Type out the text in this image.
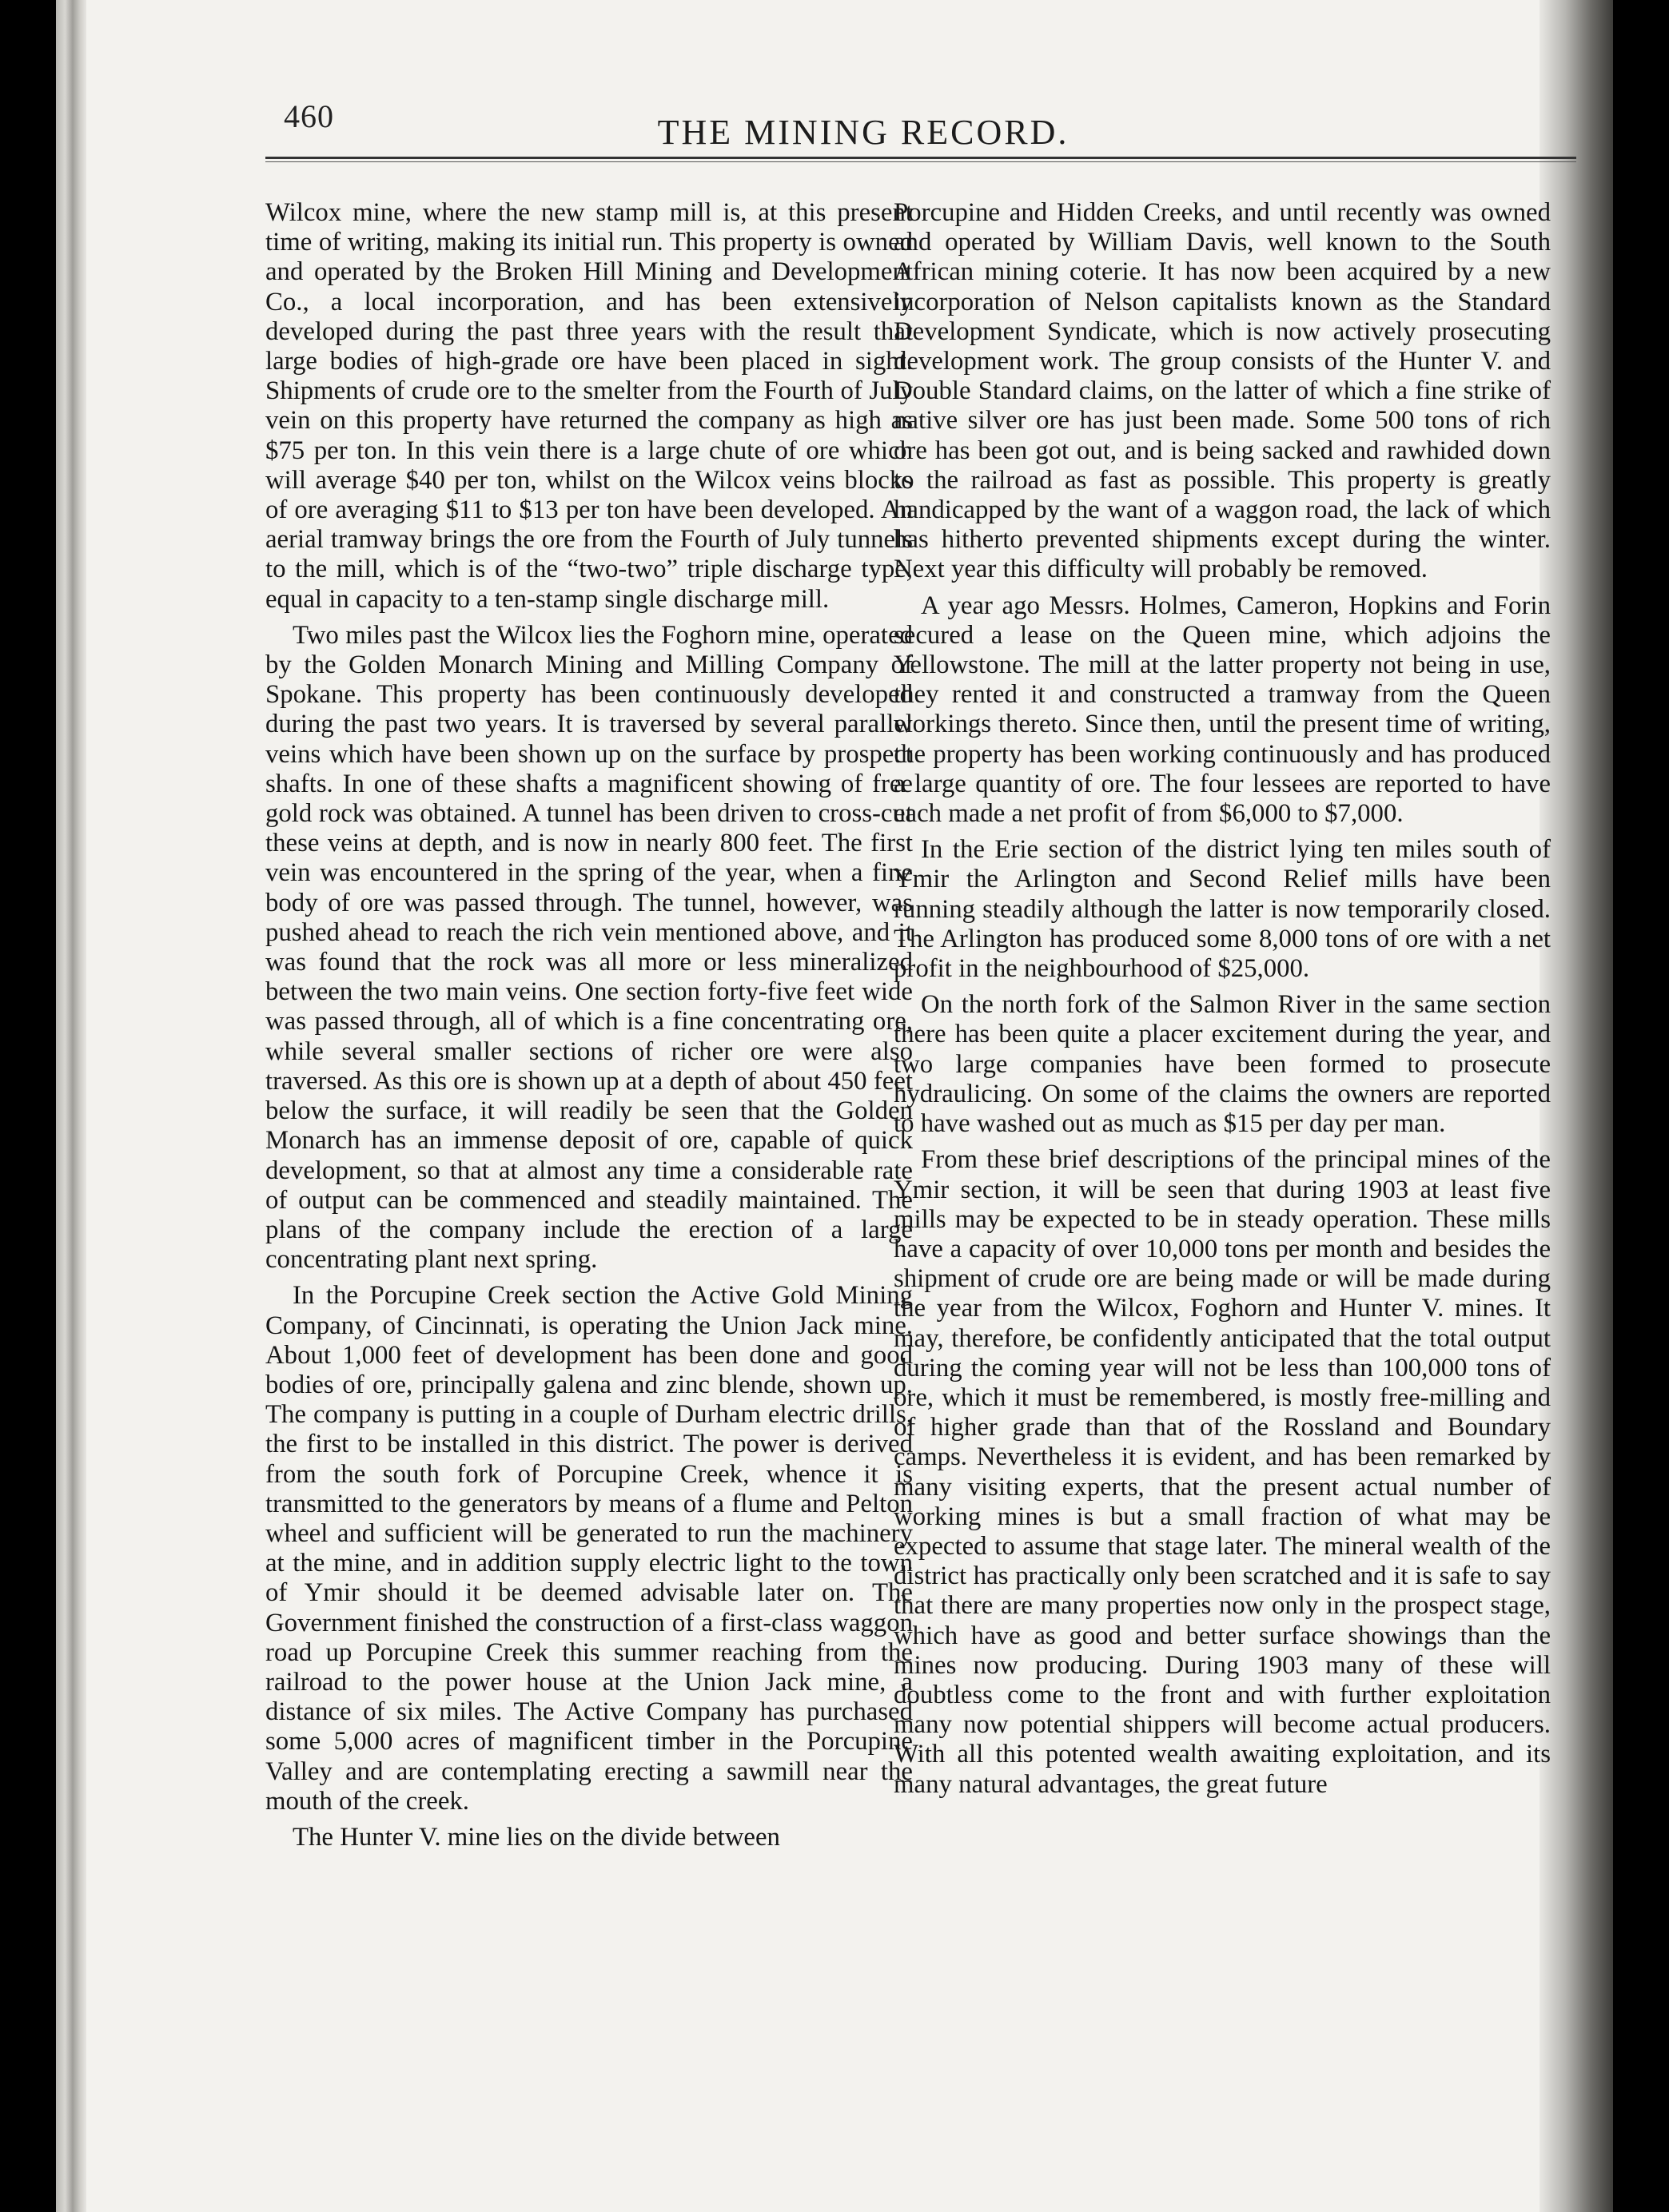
460	THE MINING RECORD.

Wilcox mine, where the new stamp mill is, at this present time of writing, making its initial run. This property is owned and operated by the Broken Hill Mining and Development Co., a local incorporation, and has been extensively developed during the past three years with the result that large bodies of high-grade ore have been placed in sight. Shipments of crude ore to the smelter from the Fourth of July vein on this property have returned the company as high as $75 per ton. In this vein there is a large chute of ore which will average $40 per ton, whilst on the Wilcox veins blocks of ore averaging $11 to $13 per ton have been developed. An aerial tramway brings the ore from the Fourth of July tunnels to the mill, which is of the “two-two” triple discharge type, equal in capacity to a ten-stamp single discharge mill.

Two miles past the Wilcox lies the Foghorn mine, operated by the Golden Monarch Mining and Milling Company of Spokane. This property has been continuously developed during the past two years. It is traversed by several parallel veins which have been shown up on the surface by prospect shafts. In one of these shafts a magnificent showing of free gold rock was obtained. A tunnel has been driven to cross-cut these veins at depth, and is now in nearly 800 feet. The first vein was encountered in the spring of the year, when a fine body of ore was passed through. The tunnel, however, was pushed ahead to reach the rich vein mentioned above, and it was found that the rock was all more or less mineralized between the two main veins. One section forty-five feet wide was passed through, all of which is a fine concentrating ore, while several smaller sections of richer ore were also traversed. As this ore is shown up at a depth of about 450 feet below the surface, it will readily be seen that the Golden Monarch has an immense deposit of ore, capable of quick development, so that at almost any time a considerable rate of output can be commenced and steadily maintained. The plans of the company include the erection of a large concentrating plant next spring.

In the Porcupine Creek section the Active Gold Mining Company, of Cincinnati, is operating the Union Jack mine. About 1,000 feet of development has been done and good bodies of ore, principally galena and zinc blende, shown up. The company is putting in a couple of Durham electric drills, the first to be installed in this district. The power is derived from the south fork of Porcupine Creek, whence it is transmitted to the generators by means of a flume and Pelton wheel and sufficient will be generated to run the machinery at the mine, and in addition supply electric light to the town of Ymir should it be deemed advisable later on. The Government finished the construction of a first-class waggon road up Porcupine Creek this summer reaching from the railroad to the power house at the Union Jack mine, a distance of six miles. The Active Company has purchased some 5,000 acres of magnificent timber in the Porcupine Valley and are contemplating erecting a sawmill near the mouth of the creek.

The Hunter V. mine lies on the divide between

Porcupine and Hidden Creeks, and until recently was owned and operated by William Davis, well known to the South African mining coterie. It has now been acquired by a new incorporation of Nelson capitalists known as the Standard Development Syndicate, which is now actively prosecuting development work. The group consists of the Hunter V. and Double Standard claims, on the latter of which a fine strike of native silver ore has just been made. Some 500 tons of rich ore has been got out, and is being sacked and rawhided down to the railroad as fast as possible. This property is greatly handicapped by the want of a waggon road, the lack of which has hitherto prevented shipments except during the winter. Next year this difficulty will probably be removed.

A year ago Messrs. Holmes, Cameron, Hopkins and Forin secured a lease on the Queen mine, which adjoins the Yellowstone. The mill at the latter property not being in use, they rented it and constructed a tramway from the Queen workings thereto. Since then, until the present time of writing, the property has been working continuously and has produced a large quantity of ore. The four lessees are reported to have each made a net profit of from $6,000 to $7,000.

In the Erie section of the district lying ten miles south of Ymir the Arlington and Second Relief mills have been running steadily although the latter is now temporarily closed. The Arlington has produced some 8,000 tons of ore with a net profit in the neighbourhood of $25,000.

On the north fork of the Salmon River in the same section there has been quite a placer excitement during the year, and two large companies have been formed to prosecute hydraulicing. On some of the claims the owners are reported to have washed out as much as $15 per day per man.

From these brief descriptions of the principal mines of the Ymir section, it will be seen that during 1903 at least five mills may be expected to be in steady operation. These mills have a capacity of over 10,000 tons per month and besides the shipment of crude ore are being made or will be made during the year from the Wilcox, Foghorn and Hunter V. mines. It may, therefore, be confidently anticipated that the total output during the coming year will not be less than 100,000 tons of ore, which it must be remembered, is mostly free-milling and of higher grade than that of the Rossland and Boundary camps. Nevertheless it is evident, and has been remarked by many visiting experts, that the present actual number of working mines is but a small fraction of what may be expected to assume that stage later. The mineral wealth of the district has practically only been scratched and it is safe to say that there are many properties now only in the prospect stage, which have as good and better surface showings than the mines now producing. During 1903 many of these will doubtless come to the front and with further exploitation many now potential shippers will become actual producers. With all this potented wealth awaiting exploitation, and its many natural advantages, the great future
